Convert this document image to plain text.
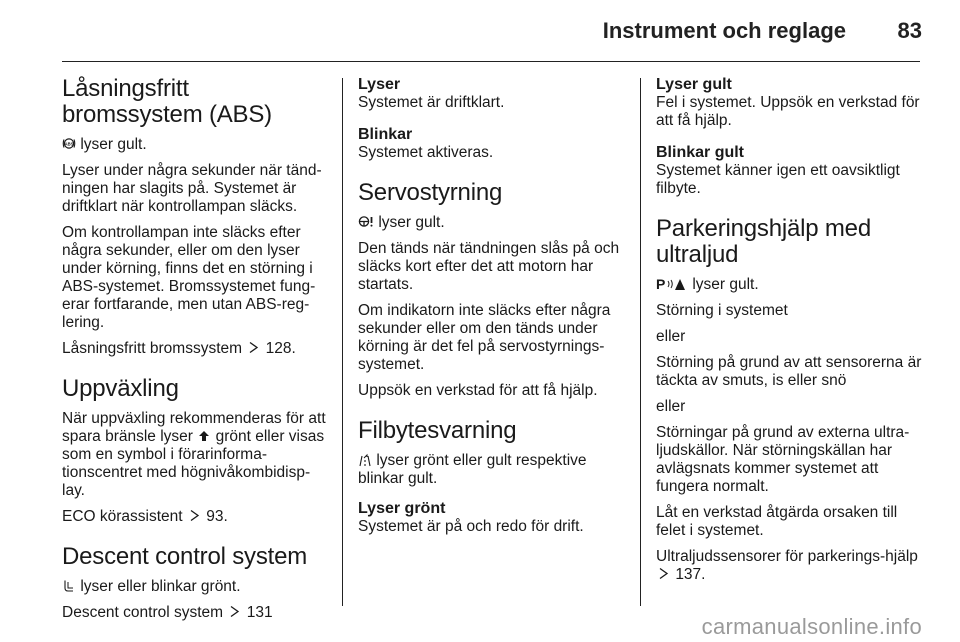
Instrument och reglage 83
Låsningsfritt bromssystem (ABS)

ABS lyser gult.

Lyser under några sekunder när tänd-ningen har slagits på. Systemet är driftklart när kontrollampan släcks.

Om kontrollampan inte släcks efter några sekunder, eller om den lyser under körning, finns det en störning i ABS-systemet. Bromssystemet fung-erar fortfarande, men utan ABS-reg-lering.

Låsningsfritt bromssystem 128.

Uppväxling

När uppväxling rekommenderas för att spara bränsle lyser grönt eller visas som en symbol i förarinforma-tionscentret med högnivåkombidisp-lay.

ECO körassistent 93.

Descent control system

lyser eller blinkar grönt.

Descent control system 131

Lyser

Systemet är driftklart.

Blinkar

Systemet aktiveras.

Servostyrning

lyser gult.

Den tänds när tändningen slås på och släcks kort efter det att motorn har startats.

Om indikatorn inte släcks efter några sekunder eller om den tänds under körning är det fel på servostyrnings-systemet.

Uppsök en verkstad för att få hjälp.

Filbytesvarning

lyser grönt eller gult respektive blinkar gult.

Lyser grönt

Systemet är på och redo för drift.

Lyser gult

Fel i systemet. Uppsök en verkstad för att få hjälp.

Blinkar gult

Systemet känner igen ett oavsiktligt filbyte.

Parkeringshjälp med ultraljud

P lyser gult.

Störning i systemet

eller

Störning på grund av att sensorerna är täckta av smuts, is eller snö

eller

Störningar på grund av externa ultra-ljudskällor. När störningskällan har avlägsnats kommer systemet att fungera normalt.

Låt en verkstad åtgärda orsaken till felet i systemet.

Ultraljudssensorer för parkerings-hjälp  137.

carmanualsonline.info
